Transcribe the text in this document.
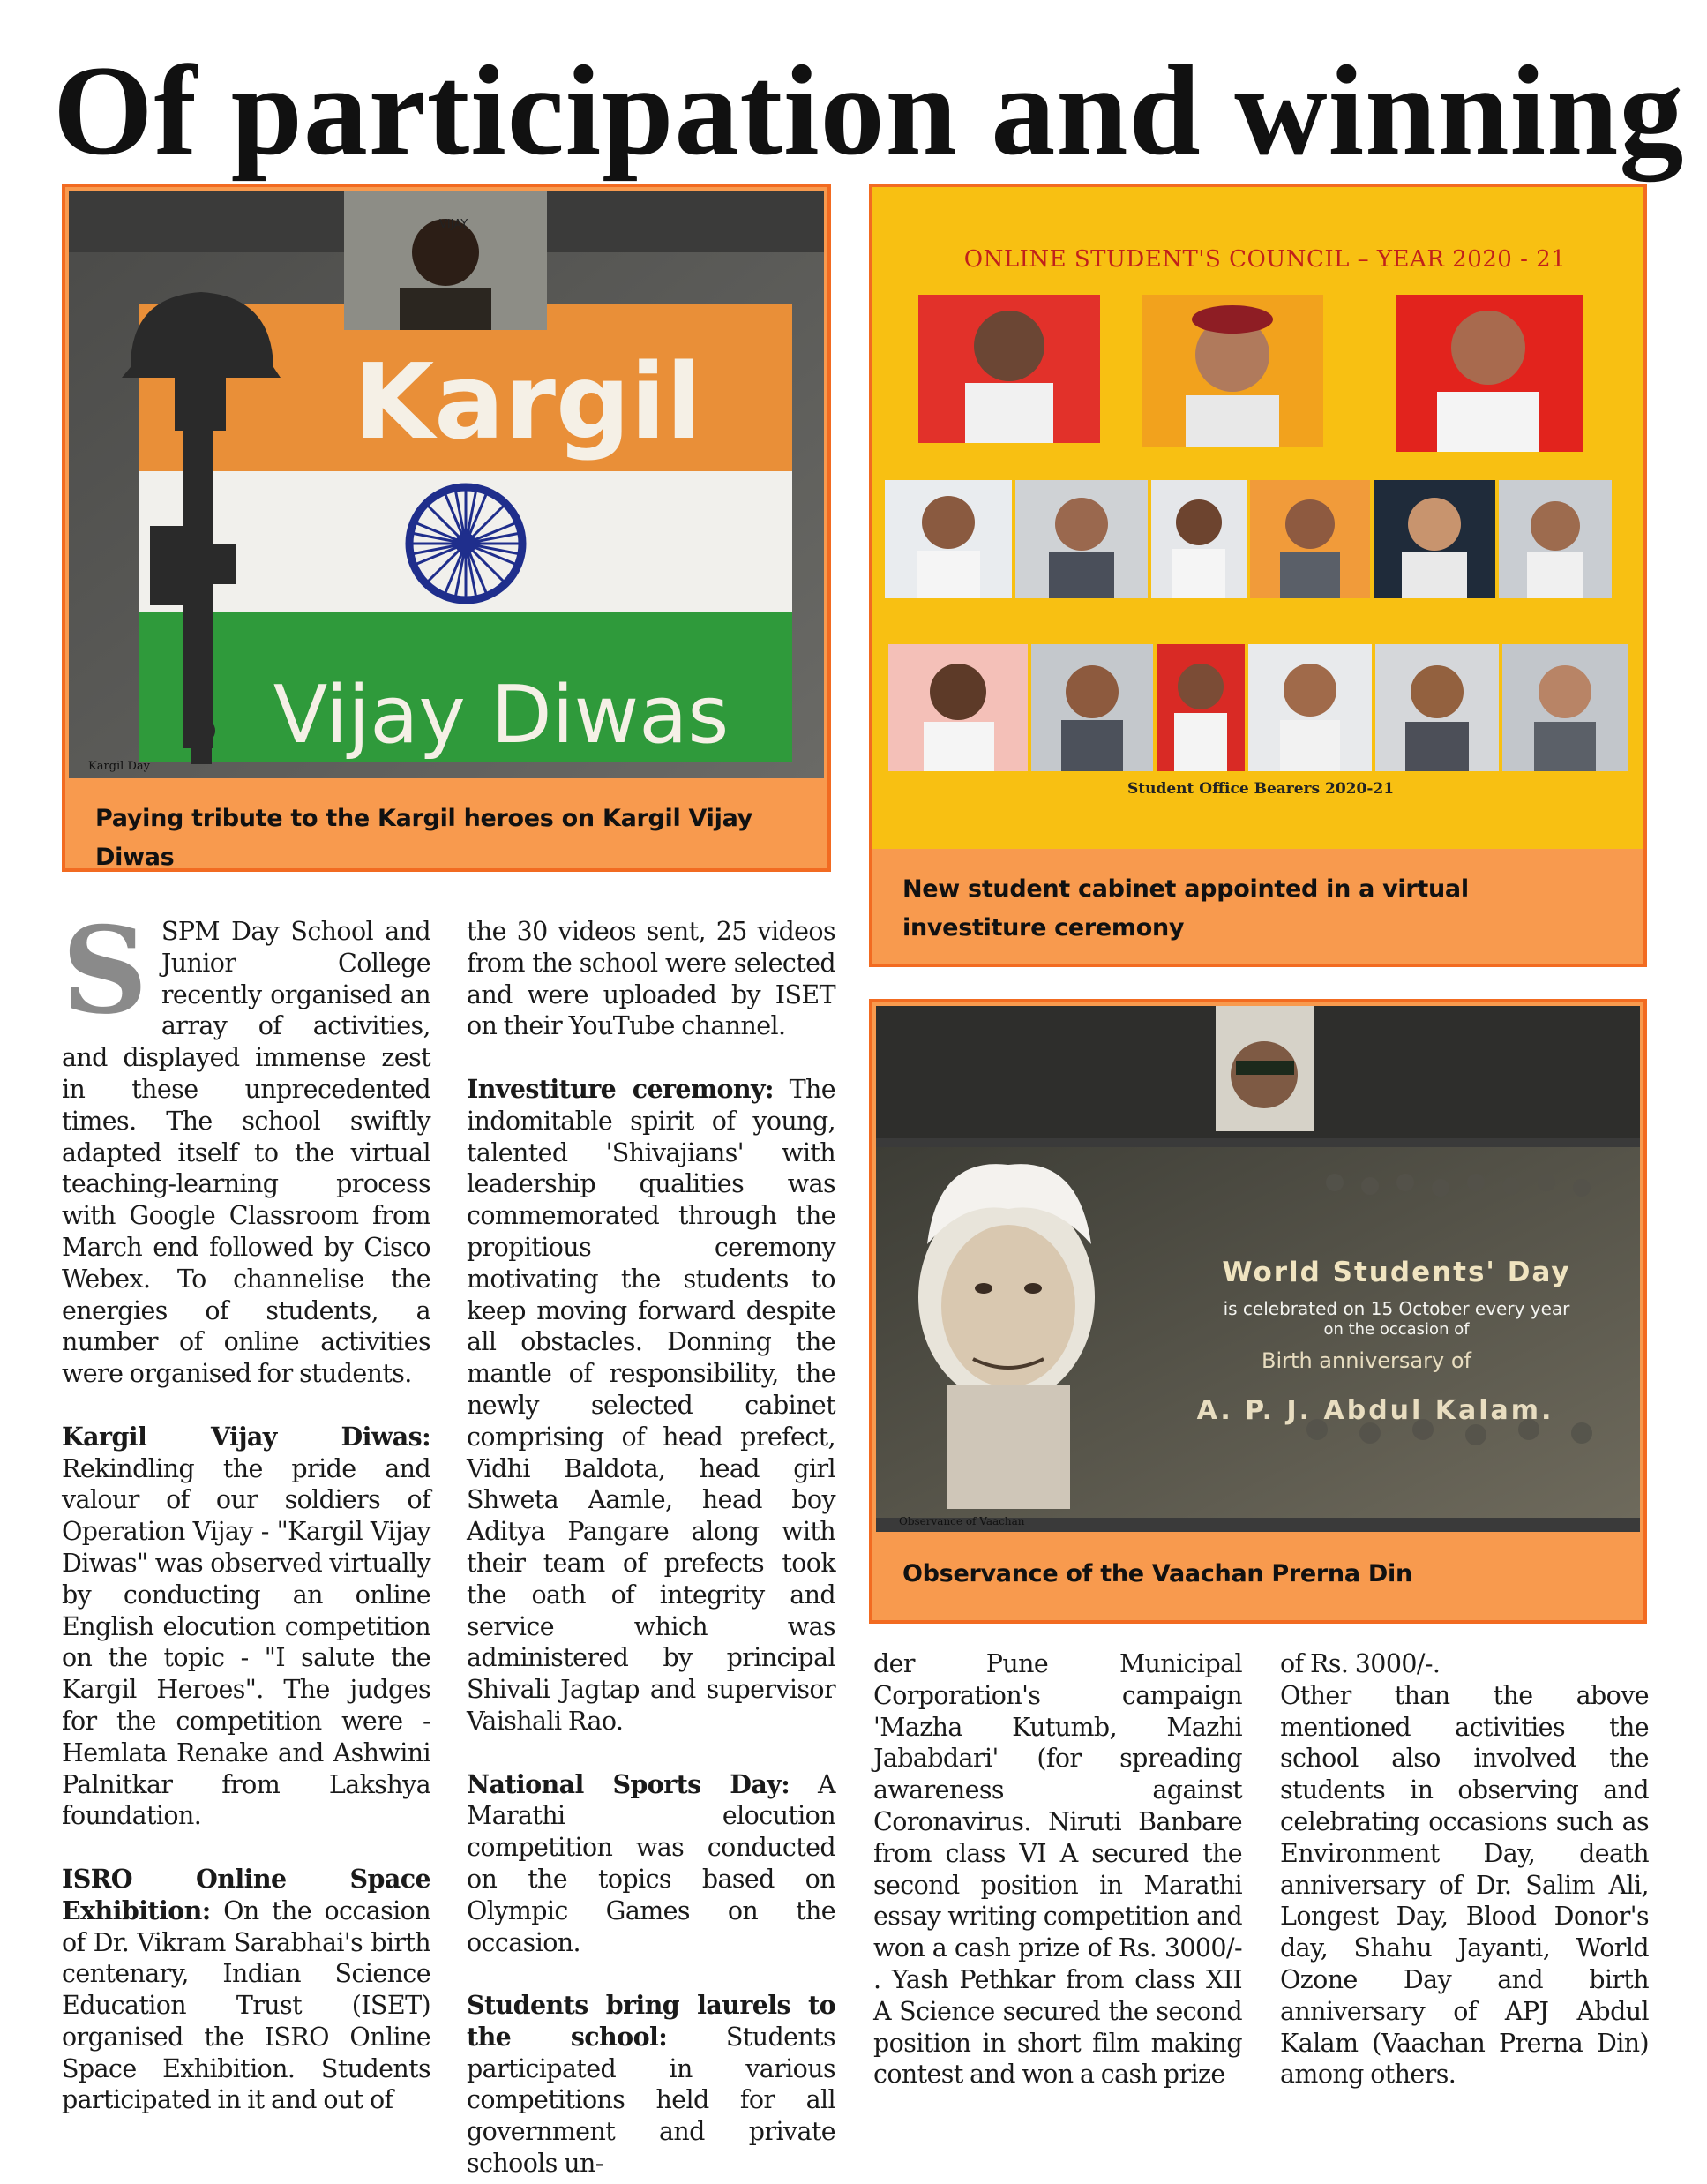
Of participation and winning
VIJAY
Kargil
Vijay Diwas
Kargil Day
Paying tribute to the Kargil heroes on Kargil Vijay Diwas
ONLINE STUDENT'S COUNCIL – YEAR 2020 - 21
Student Office Bearers 2020-21
New student cabinet appointed in a virtual investiture ceremony
World Students' Day
is celebrated on 15 October every year
on the occasion of
Birth anniversary of
A. P. J. Abdul Kalam.
Observance of Vaachan
Observance of the Vaachan Prerna Din

SSPM Day School and Junior College recently organised an array of activities, and displayed immense zest in these unprecedented times. The school swiftly adapted itself to the virtual teaching-learning process with Google Classroom from March end followed by Cisco Webex. To channelise the energies of students, a number of online activities were organised for students.

Kargil Vijay Diwas: Rekindling the pride and valour of our soldiers of Operation Vijay - "Kargil Vijay Diwas" was observed virtually by conducting an online English elocution competition on the topic - "I salute the Kargil Heroes". The judges for the competition were - Hemlata Renake and Ashwini Palnitkar from Lakshya foundation.

ISRO Online Space Exhibition: On the occasion of Dr. Vikram Sarabhai's birth centenary, Indian Science Education Trust (ISET) organised the ISRO Online Space Exhibition. Students participated in it and out of

the 30 videos sent, 25 videos from the school were selected and were uploaded by ISET on their YouTube channel.

Investiture ceremony: The indomitable spirit of young, talented 'Shivajians' with leadership qualities was commemorated through the propitious ceremony motivating the students to keep moving forward despite all obstacles. Donning the mantle of responsibility, the newly selected cabinet comprising of head prefect, Vidhi Baldota, head girl Shweta Aamle, head boy Aditya Pangare along with their team of prefects took the oath of integrity and service which was administered by principal Shivali Jagtap and supervisor Vaishali Rao.

National Sports Day: A Marathi elocution competition was conducted on the topics based on Olympic Games on the occasion.

Students bring laurels to the school: Students participated in various competitions held for all government and private schools un-

der Pune Municipal Corporation's campaign 'Mazha Kutumb, Mazhi Jababdari' (for spreading awareness against Coronavirus. Niruti Banbare from class VI A secured the second position in Marathi essay writing competition and won a cash prize of Rs. 3000/- . Yash Pethkar from class XII A Science secured the second position in short film making contest and won a cash prize

of Rs. 3000/-.

Other than the above mentioned activities the school also involved the students in observing and celebrating occasions such as Environment Day, death anniversary of Dr. Salim Ali, Longest Day, Blood Donor's day, Shahu Jayanti, World Ozone Day and birth anniversary of APJ Abdul Kalam (Vaachan Prerna Din) among others.
